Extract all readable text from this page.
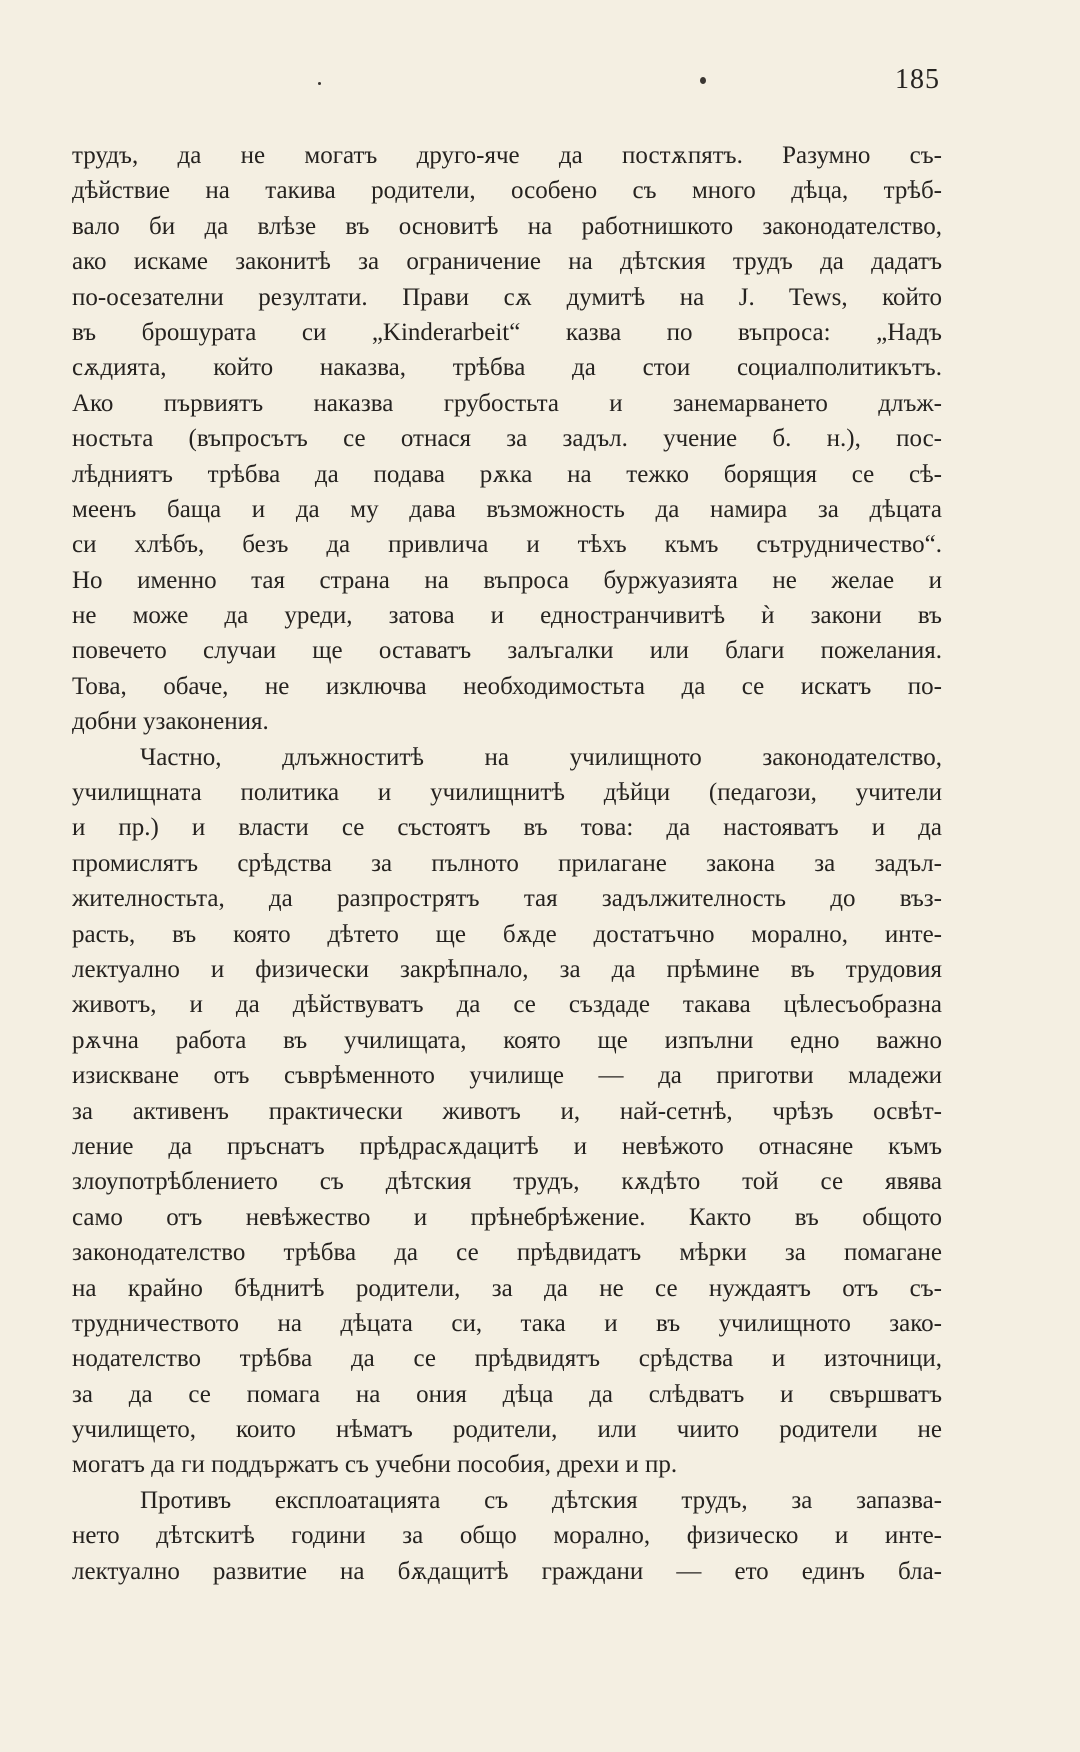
185
трудъ, да не могатъ друго-яче да постѫпятъ. Разумно съ-
дѣйствие на такива родители, особено съ много дѣца, трѣб-
вало би да влѣзе въ основитѣ на работнишкото законодателство,
ако искаме законитѣ за ограничение на дѣтския трудъ да дадатъ
по-осезателни резултати. Прави сѫ думитѣ на J. Tews, който
въ брошурата си „Kinderarbeit“ казва по въпроса: „Надъ
сѫдията, който наказва, трѣбва да стои социалполитикътъ.
Ако първиятъ наказва грубостьта и занемарването длъж-
ностьта (въпросътъ се отнася за задъл. учение б. н.), пос-
лѣдниятъ трѣбва да подава рѫка на тежко борящия се сѣ-
меенъ баща и да му дава възможность да намира за дѣцата
си хлѣбъ, безъ да привлича и тѣхъ къмъ сътрудничество“.
Но именно тая страна на въпроса буржуазията не желае и
не може да уреди, затова и едностранчивитѣ ѝ закони въ
повечето случаи ще оставатъ залъгалки или благи пожелания.
Това, обаче, не изключва необходимостьта да се искатъ по-
добни узаконения.
Частно, длъжноститѣ на училищното законодателство,
училищната политика и училищнитѣ дѣйци (педагози, учители
и пр.) и власти се състоятъ въ това: да настояватъ и да
промислятъ срѣдства за пълното прилагане закона за задъл-
жителностьта, да разпрострятъ тая задължителность до въз-
расть, въ която дѣтето ще бѫде достатъчно морално, инте-
лектуално и физически закрѣпнало, за да прѣмине въ трудовия
животъ, и да дѣйствуватъ да се създаде такава цѣлесъобразна
рѫчна работа въ училищата, която ще изпълни едно важно
изискване отъ съврѣменното училище — да приготви младежи
за активенъ практически животъ и, най-сетнѣ, чрѣзъ освѣт-
ление да пръснатъ прѣдрасѫдацитѣ и невѣжото отнасяне къмъ
злоупотрѣблението съ дѣтския трудъ, кѫдѣто той се явява
само отъ невѣжество и прѣнебрѣжение. Както въ общото
законодателство трѣбва да се прѣдвидатъ мѣрки за помагане
на крайно бѣднитѣ родители, за да не се нуждаятъ отъ съ-
трудничеството на дѣцата си, така и въ училищното зако-
нодателство трѣбва да се прѣдвидятъ срѣдства и източници,
за да се помага на ония дѣца да слѣдватъ и свършватъ
училището, които нѣматъ родители, или чиито родители не
могатъ да ги поддържатъ съ учебни пособия, дрехи и пр.
Противъ експлоатацията съ дѣтския трудъ, за запазва-
нето дѣтскитѣ години за общо морално, физическо и инте-
лектуално развитие на бѫдащитѣ граждани — ето единъ бла-
